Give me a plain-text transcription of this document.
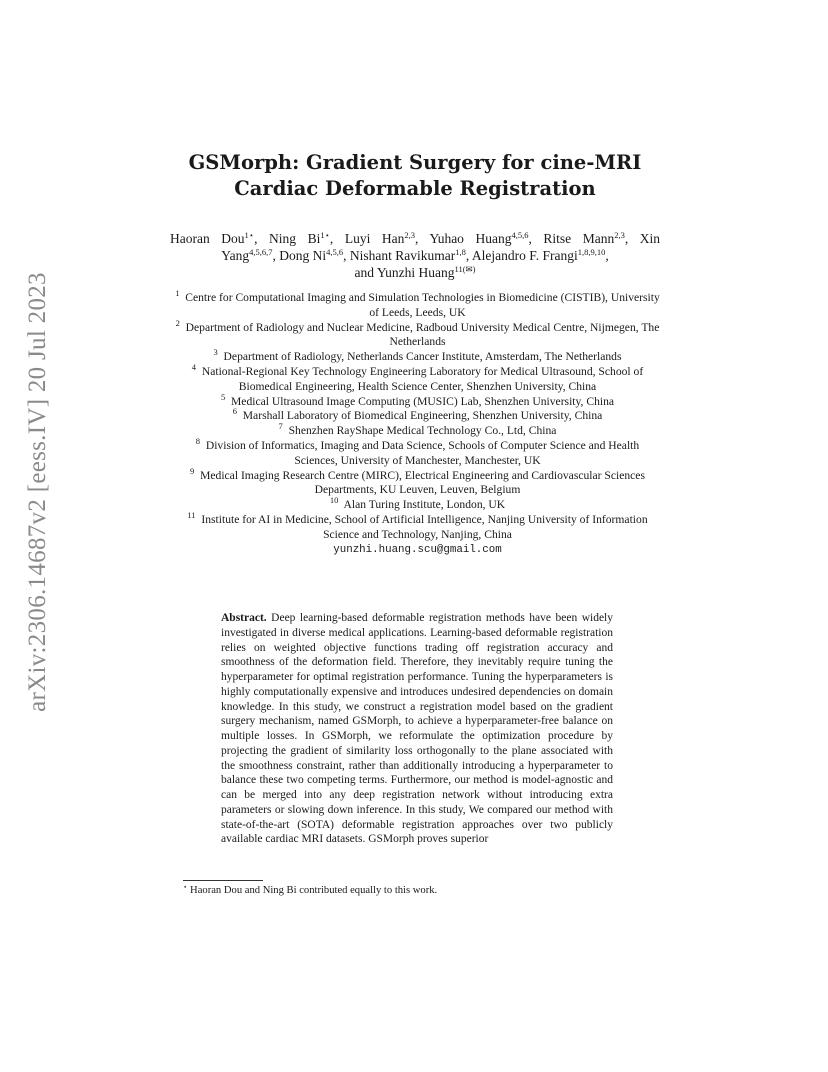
arXiv:2306.14687v2 [eess.IV] 20 Jul 2023
GSMorph: Gradient Surgery for cine-MRI
Cardiac Deformable Registration
Haoran Dou$^{1⋆}$, Ning $Bi^{1⋆}$, Luyi Han$^{2,3}$, Yuhao Huang$^{4,5,6}$, Ritse Mann$^{2,3}$, Xin
Yang$^{4,5,6,7}$, Dong Ni$^{4,5,6}$, Nishant Ravikumar$^{1,8}$, Alejandro F. Frangi$^{1,8,9,10}$,
and Yunzhi Huang$^{11(✉)}$
$^1$ Centre for Computational Imaging and Simulation Technologies in Biomedicine (CISTIB), University of Leeds, Leeds, UK
$^2$ Department of Radiology and Nuclear Medicine, Radboud University Medical Centre, Nijmegen, The Netherlands
$^3$ Department of Radiology, Netherlands Cancer Institute, Amsterdam, The Netherlands
$^4$ National-Regional Key Technology Engineering Laboratory for Medical Ultrasound, School of Biomedical Engineering, Health Science Center, Shenzhen University, China
$^5$ Medical Ultrasound Image Computing (MUSIC) Lab, Shenzhen University, China
$^6$ Marshall Laboratory of Biomedical Engineering, Shenzhen University, China
$^7$ Shenzhen RayShape Medical Technology Co., Ltd, China
$^8$ Division of Informatics, Imaging and Data Science, Schools of Computer Science and Health Sciences, University of Manchester, Manchester, UK
$^9$ Medical Imaging Research Centre (MIRC), Electrical Engineering and Cardiovascular Sciences Departments, KU Leuven, Leuven, Belgium
$^{10}$ Alan Turing Institute, London, UK
$^{11}$ Institute for AI in Medicine, School of Artificial Intelligence, Nanjing University of Information Science and Technology, Nanjing, China
yunzhi.huang.scu@gmail.com
Abstract. Deep learning-based deformable registration methods have been widely investigated in diverse medical applications. Learning-based deformable registration relies on weighted objective functions trading off registration accuracy and smoothness of the deformation field. Therefore, they inevitably require tuning the hyperparameter for optimal registration performance. Tuning the hyperparameters is highly computationally expensive and introduces undesired dependencies on domain knowledge. In this study, we construct a registration model based on the gradient surgery mechanism, named GSMorph, to achieve a hyperparameter-free balance on multiple losses. In GSMorph, we reformulate the optimization procedure by projecting the gradient of similarity loss orthogonally to the plane associated with the smoothness constraint, rather than additionally introducing a hyperparameter to balance these two competing terms. Furthermore, our method is model-agnostic and can be merged into any deep registration network without introducing extra parameters or slowing down inference. In this study, We compared our method with state-of-the-art (SOTA) deformable registration approaches over two publicly available cardiac MRI datasets. GSMorph proves superior
⋆ Haoran Dou and Ning Bi contributed equally to this work.
